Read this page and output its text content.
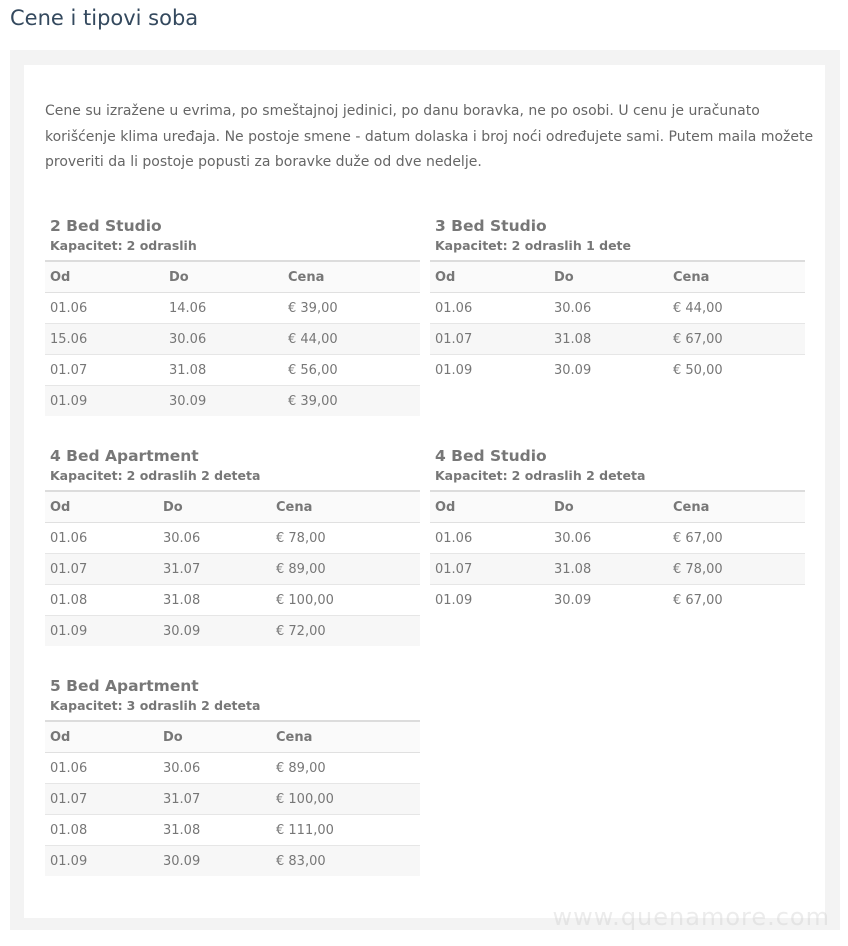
Cene i tipovi soba

Cene su izražene u evrima, po smeštajnoj jedinici, po danu boravka, ne po osobi. U cenu je uračunato korišćenje klima uređaja. Ne postoje smene - datum dolaska i broj noći određujete sami. Putem maila možete proveriti da li postoje popusti za boravke duže od dve nedelje.

2 Bed Studio
Kapacitet: 2 odraslih
Od	Do	Cena
01.06	14.06	€ 39,00
15.06	30.06	€ 44,00
01.07	31.08	€ 56,00
01.09	30.09	€ 39,00
3 Bed Studio
Kapacitet: 2 odraslih 1 dete
Od	Do	Cena
01.06	30.06	€ 44,00
01.07	31.08	€ 67,00
01.09	30.09	€ 50,00
4 Bed Apartment
Kapacitet: 2 odraslih 2 deteta
Od	Do	Cena
01.06	30.06	€ 78,00
01.07	31.07	€ 89,00
01.08	31.08	€ 100,00
01.09	30.09	€ 72,00
4 Bed Studio
Kapacitet: 2 odraslih 2 deteta
Od	Do	Cena
01.06	30.06	€ 67,00
01.07	31.08	€ 78,00
01.09	30.09	€ 67,00
5 Bed Apartment
Kapacitet: 3 odraslih 2 deteta
Od	Do	Cena
01.06	30.06	€ 89,00
01.07	31.07	€ 100,00
01.08	31.08	€ 111,00
01.09	30.09	€ 83,00
www.quenamore.com
